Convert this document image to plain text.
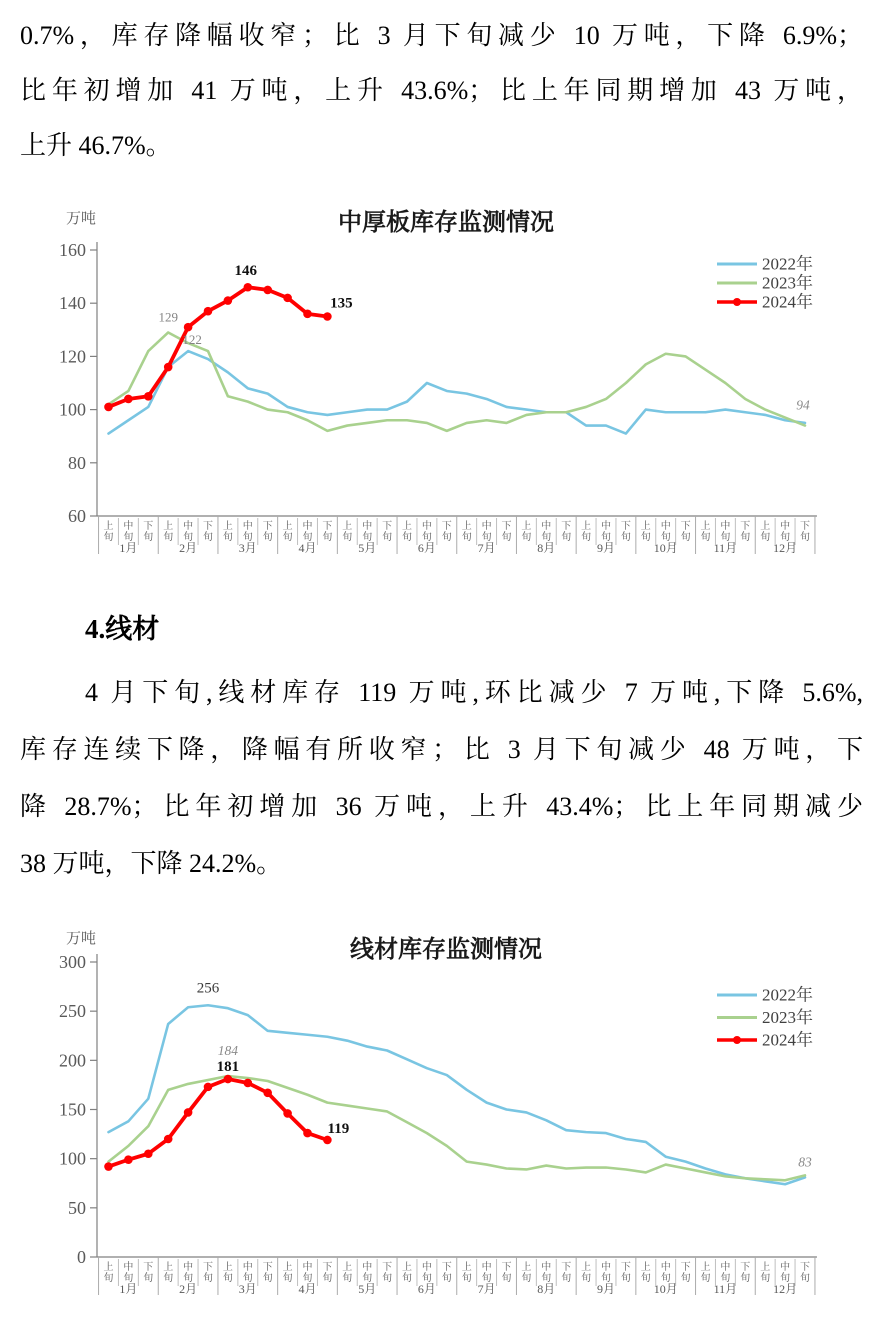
0.7%，库存降幅收窄；比 3 月下旬减少 10 万吨，下降 6.9%；
比年初增加 41 万吨，上升 43.6%；比上年同期增加 43 万吨，
上升 46.7%。
中厚板库存监测情况
万吨
60
80
100
120
140
160
上旬
中旬
下旬
上旬
中旬
下旬
上旬
中旬
下旬
上旬
中旬
下旬
上旬
中旬
下旬
上旬
中旬
下旬
上旬
中旬
下旬
上旬
中旬
下旬
上旬
中旬
下旬
上旬
中旬
下旬
上旬
中旬
下旬
上旬
中旬
下旬
1月	2月	3月	4月	5月	6月	7月	8月	9月	10月	11月	12月
129
122
146
135
94
2022年
2023年
2024年
4.线材
4 月下旬,线材库存 119 万吨,环比减少 7 万吨,下降 5.6%,
库存连续下降，降幅有所收窄；比 3 月下旬减少 48 万吨，下
降 28.7%；比年初增加 36 万吨，上升 43.4%；比上年同期减少
38 万吨，下降 24.2%。
线材库存监测情况
万吨
0
50
100
150
200
250
300
上旬
中旬
下旬
上旬
中旬
下旬
上旬
中旬
下旬
上旬
中旬
下旬
上旬
中旬
下旬
上旬
中旬
下旬
上旬
中旬
下旬
上旬
中旬
下旬
上旬
中旬
下旬
上旬
中旬
下旬
上旬
中旬
下旬
上旬
中旬
下旬
1月	2月	3月	4月	5月	6月	7月	8月	9月	10月	11月	12月
256
184
181
119
83
2022年
2023年
2024年
